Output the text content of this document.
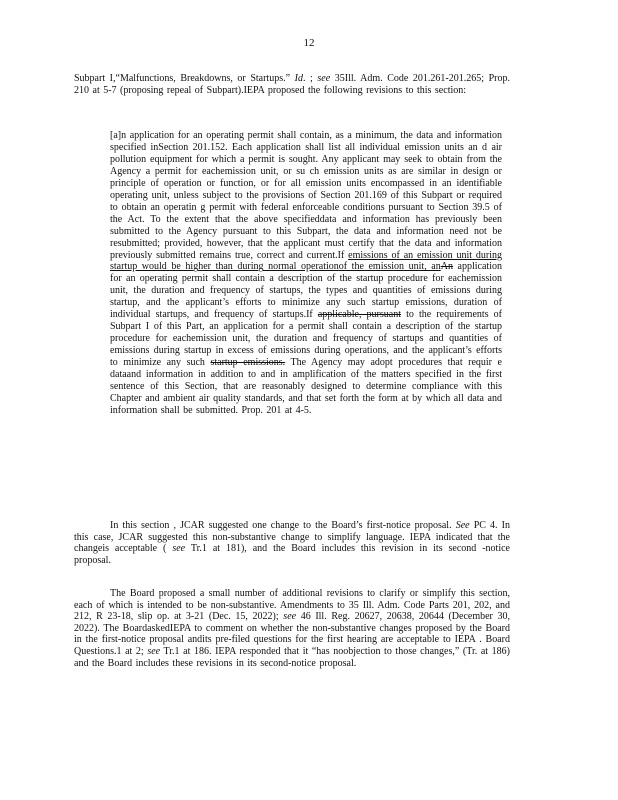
12

Subpart I,“Malfunctions, Breakdowns, or Startups.” Id. ; see 35Ill. Adm. Code 201.261-201.265; Prop. 210 at 5-7 (proposing repeal of Subpart).IEPA proposed the following revisions to this section:

[a]n application for an operating permit shall contain, as a minimum, the data and information specified inSection 201.152. Each application shall list all individual emission units an d air pollution equipment for which a permit is sought. Any applicant may seek to obtain from the Agency a permit for eachemission unit, or su ch emission units as are similar in design or principle of operation or function, or for all emission units encompassed in an identifiable operating unit, unless subject to the provisions of Section 201.169 of this Subpart or required to obtain an operatin g permit with federal enforceable conditions pursuant to Section 39.5 of the Act. To the extent that the above specifieddata and information has previously been submitted to the Agency pursuant to this Subpart, the data and information need not be resubmitted; provided, however, that the applicant must certify that the data and information previously submitted remains true, correct and current.If emissions of an emission unit during startup would be higher than during normal operationof the emission unit, anAn application for an operating permit shall contain a description of the startup procedure for eachemission unit, the duration and frequency of startups, the types and quantities of emissions during startup, and the applicant’s efforts to minimize any such startup emissions, duration of individual startups, and frequency of startups.If applicable, pursuant to the requirements of Subpart I of this Part, an application for a permit shall contain a description of the startup procedure for eachemission unit, the duration and frequency of startups and quantities of emissions during startup in excess of emissions during operations, and the applicant’s efforts to minimize any such startup emissions. The Agency may adopt procedures that requir e dataand information in addition to and in amplification of the matters specified in the first sentence of this Section, that are reasonably designed to determine compliance with this Chapter and ambient air quality standards, and that set forth the form at by which all data and information shall be submitted. Prop. 201 at 4-5.

In this section , JCAR suggested one change to the Board’s first-notice proposal. See PC 4. In this case, JCAR suggested this non-substantive change to simplify language. IEPA indicated that the changeis acceptable ( see Tr.1 at 181), and the Board includes this revision in its second -notice proposal.

The Board proposed a small number of additional revisions to clarify or simplify this section, each of which is intended to be non-substantive. Amendments to 35 Ill. Adm. Code Parts 201, 202, and 212, R 23-18, slip op. at 3-21 (Dec. 15, 2022); see 46 Ill. Reg. 20627, 20638, 20644 (December 30, 2022). The BoardaskedIEPA to comment on whether the non-substantive changes proposed by the Board in the first-notice proposal andits pre-filed questions for the first hearing are acceptable to IEPA . Board Questions.1 at 2; see Tr.1 at 186. IEPA responded that it “has noobjection to those changes,” (Tr. at 186) and the Board includes these revisions in its second-notice proposal.
